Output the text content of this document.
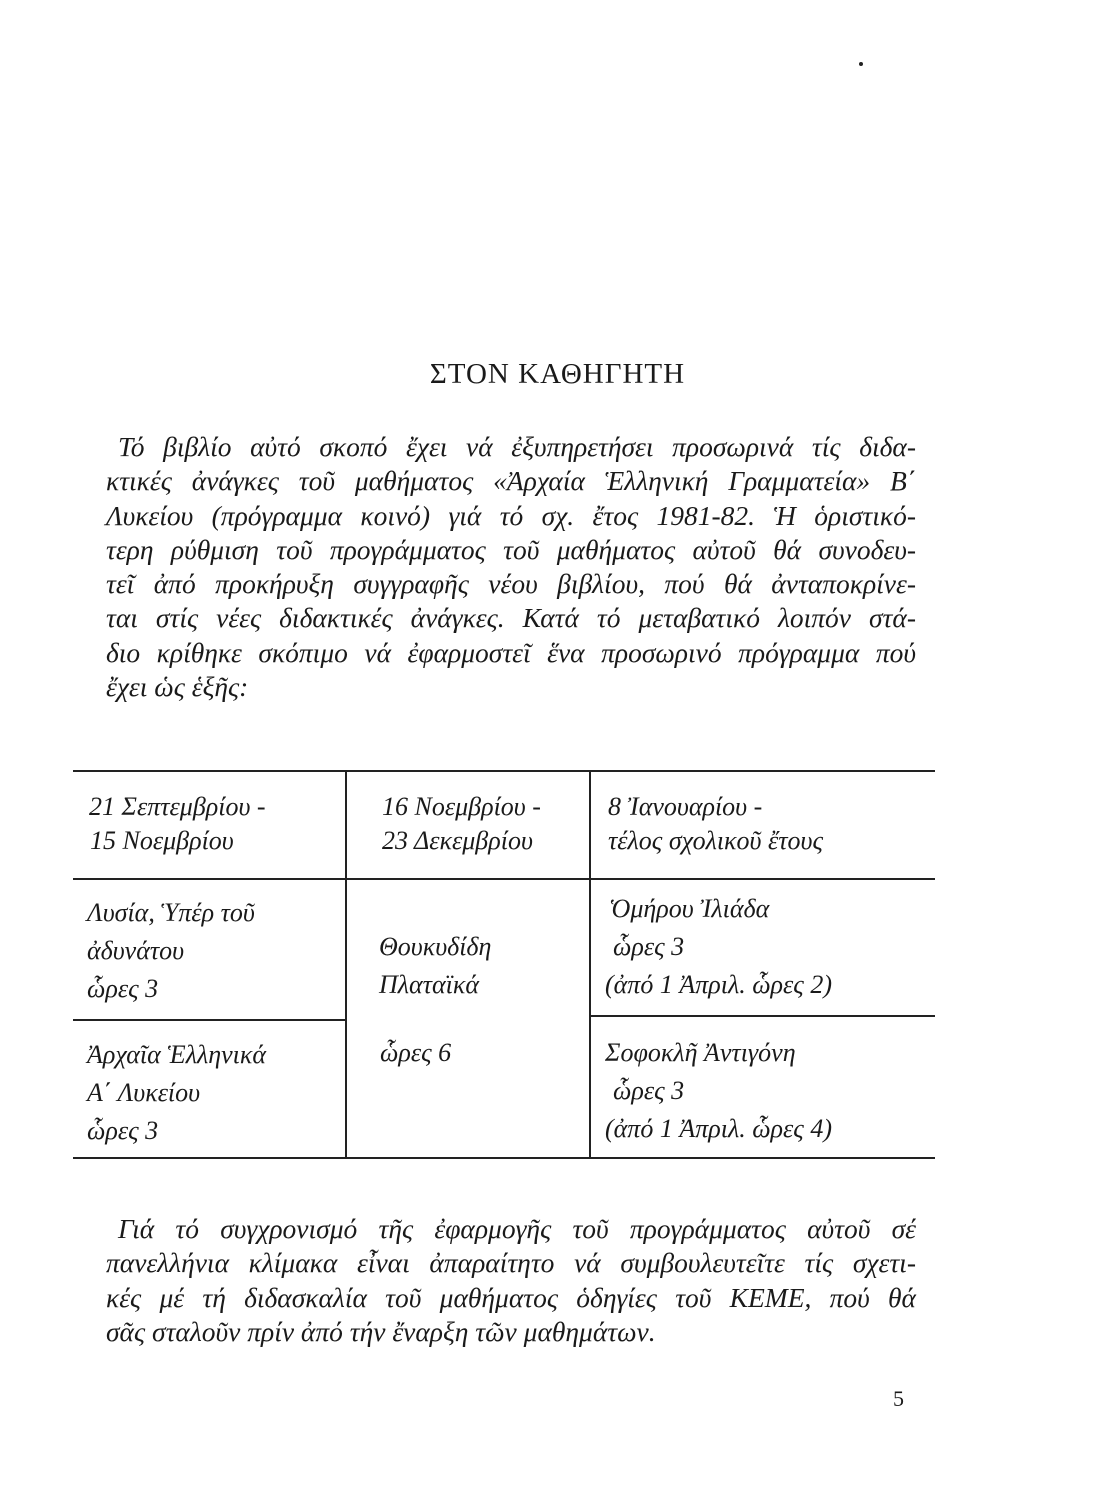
ΣΤΟΝ ΚΑΘΗΓΗΤΗ
Τό βιβλίο αὐτό σκοπό ἔχει νά ἐξυπηρετήσει προσωρινά τίς διδα-
κτικές ἀνάγκες τοῦ μαθήματος «Ἀρχαία Ἑλληνική Γραμματεία» Β΄
Λυκείου (πρόγραμμα κοινό) γιά τό σχ. ἔτος 1981-82. Ἡ ὁριστικό-
τερη ρύθμιση τοῦ προγράμματος τοῦ μαθήματος αὐτοῦ θά συνοδευ-
τεῖ ἀπό προκήρυξη συγγραφῆς νέου βιβλίου, πού θά ἀνταποκρίνε-
ται στίς νέες διδακτικές ἀνάγκες. Κατά τό μεταβατικό λοιπόν στά-
διο κρίθηκε σκόπιμο νά ἐφαρμοστεῖ ἕνα προσωρινό πρόγραμμα πού
ἔχει ὡς ἑξῆς:
21 Σεπτεμβρίου -
15 Νοεμβρίου
16 Νοεμβρίου -
23 Δεκεμβρίου
8 Ἰανουαρίου -
τέλος σχολικοῦ ἔτους
Λυσία, Ὑπέρ τοῦ
ἀδυνάτου
ὧρες 3
Ἀρχαῖα Ἑλληνικά
Α΄ Λυκείου
ὧρες 3
Θουκυδίδη
Πλαταϊκά
ὧρες 6
Ὁμήρου Ἰλιάδα
ὧρες 3
(ἀπό 1 Ἀπριλ. ὧρες 2)
Σοφοκλῆ Ἀντιγόνη
ὧρες 3
(ἀπό 1 Ἀπριλ. ὧρες 4)
Γιά τό συγχρονισμό τῆς ἐφαρμογῆς τοῦ προγράμματος αὐτοῦ σέ
πανελλήνια κλίμακα εἶναι ἀπαραίτητο νά συμβουλευτεῖτε τίς σχετι-
κές μέ τή διδασκαλία τοῦ μαθήματος ὁδηγίες τοῦ ΚΕΜΕ, πού θά
σᾶς σταλοῦν πρίν ἀπό τήν ἔναρξη τῶν μαθημάτων.
5
